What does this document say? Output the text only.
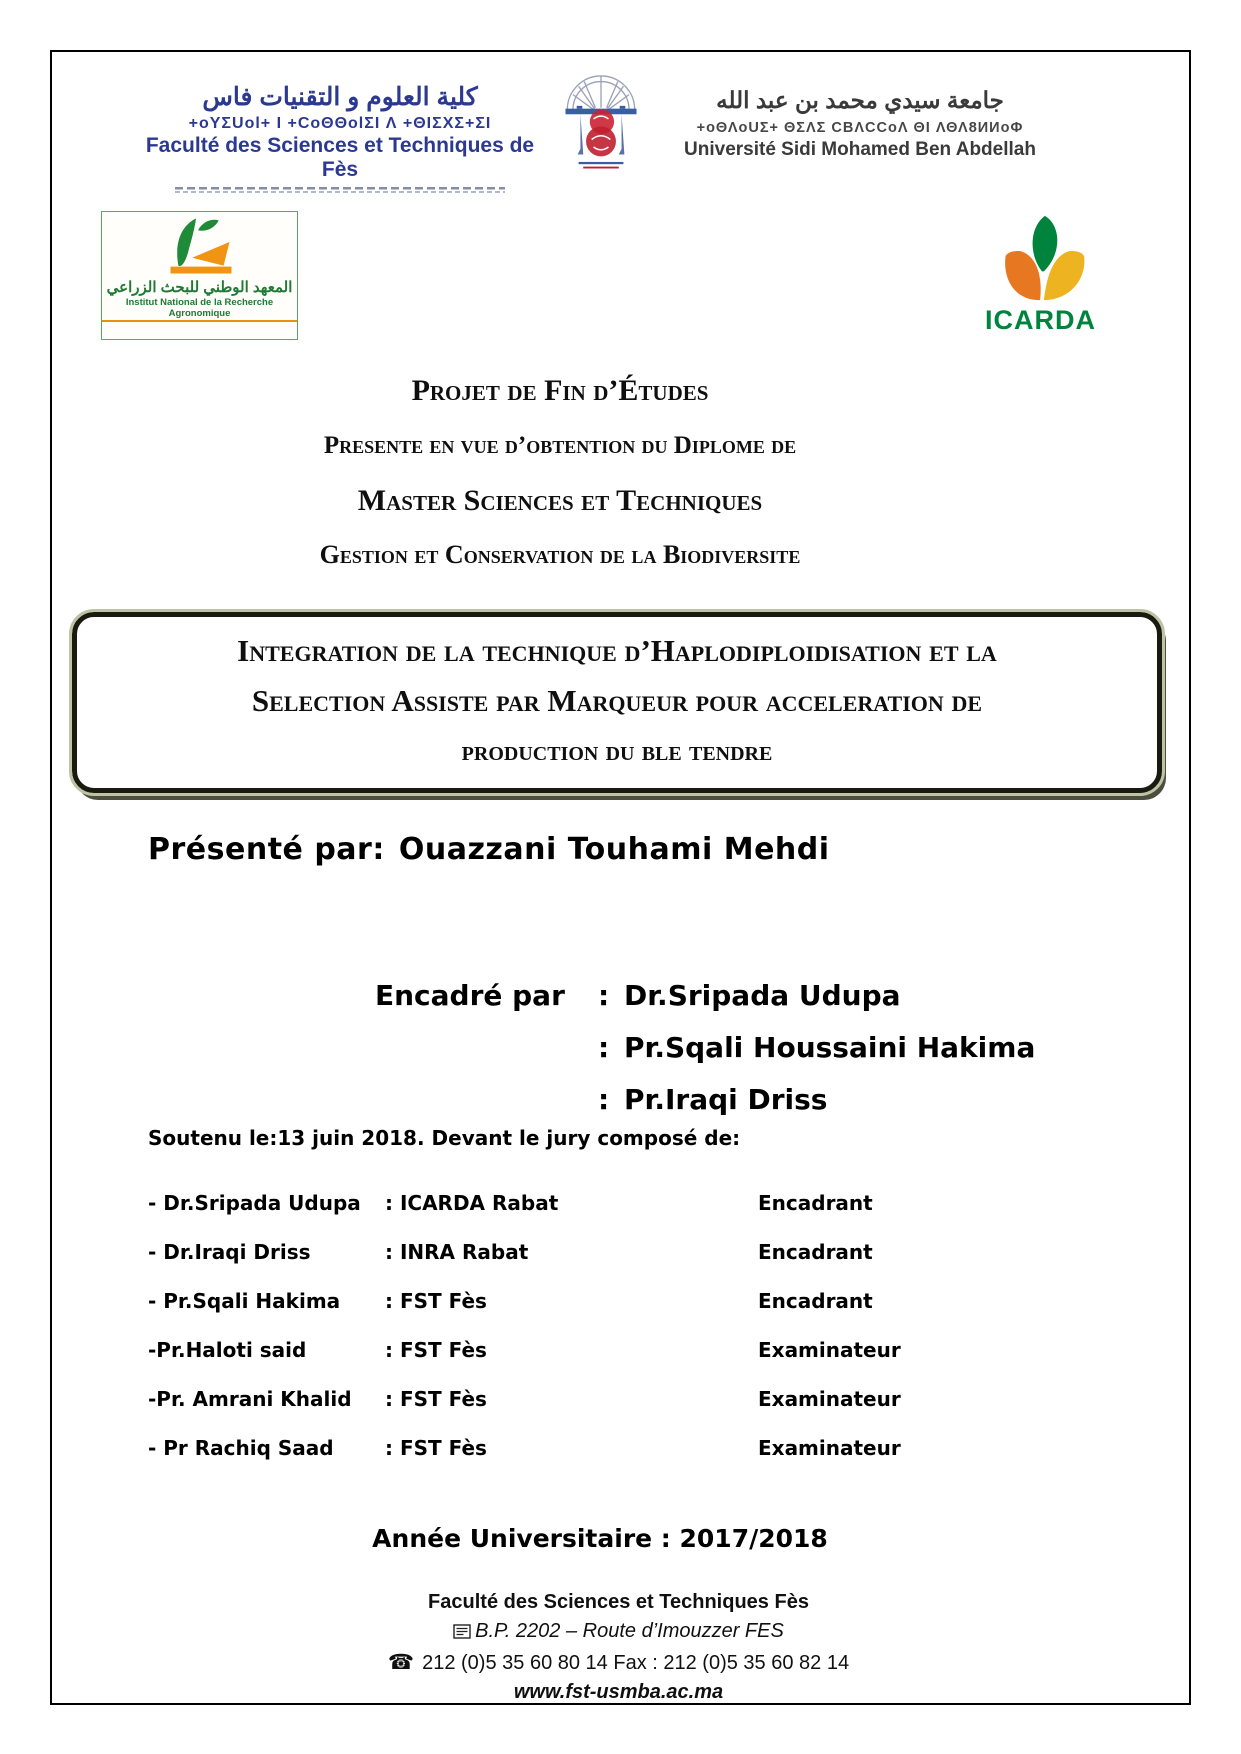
كلية العلوم و التقنيات فاس
+oYΣUol+ I +CoΘΘolΣI Λ +ΘIΣXΣ+ΣI
Faculté des Sciences et Techniques de Fès
جامعة سيدي محمد بن عبد الله
+oΘΛoUΣ+ ΘΣΛΣ CBΛCCoΛ ΘI ΛΘΛ8ИИoΦ
Université Sidi Mohamed Ben Abdellah
المعهد الوطني للبحث الزراعي
Institut National de la Recherche Agronomique	ICARDA
Projet de Fin d’Études
Presente en vue d’obtention du Diplome de
Master Sciences et Techniques
Gestion et Conservation de la Biodiversite
Integration de la technique d’Haplodiploidisation et la
Selection Assiste par Marqueur pour acceleration de
production du ble tendre
Présenté par: Ouazzani Touhami Mehdi
Encadré par	: Dr.Sripada Udupa
: Pr.Sqali Houssaini Hakima
: Pr.Iraqi Driss
Soutenu le:13 juin 2018. Devant le jury composé de:
- Dr.Sripada Udupa	: ICARDA Rabat	Encadrant
- Dr.Iraqi Driss	: INRA Rabat	Encadrant
- Pr.Sqali Hakima	: FST Fès	Encadrant
-Pr.Haloti said	: FST Fès	Examinateur
-Pr. Amrani Khalid	: FST Fès	Examinateur
- Pr Rachiq Saad	: FST Fès	Examinateur
Année Universitaire : 2017/2018
Faculté des Sciences et Techniques Fès
B.P. 2202 – Route d’Imouzzer FES
☎ 212 (0)5 35 60 80 14 Fax : 212 (0)5 35 60 82 14
www.fst-usmba.ac.ma
